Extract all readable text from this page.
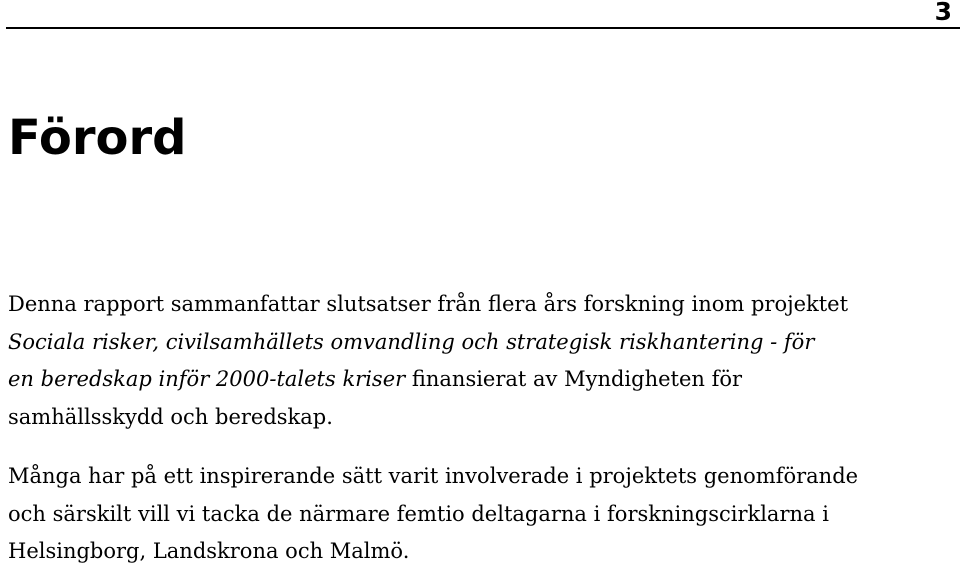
3

Förord

Denna rapport sammanfattar slutsatser från flera års forskning inom projektet
Sociala risker, civilsamhällets omvandling och strategisk riskhantering - för
en beredskap inför 2000-talets kriser finansierat av Myndigheten för
samhällsskydd och beredskap.

Många har på ett inspirerande sätt varit involverade i projektets genomförande
och särskilt vill vi tacka de närmare femtio deltagarna i forskningscirklarna i
Helsingborg, Landskrona och Malmö.
